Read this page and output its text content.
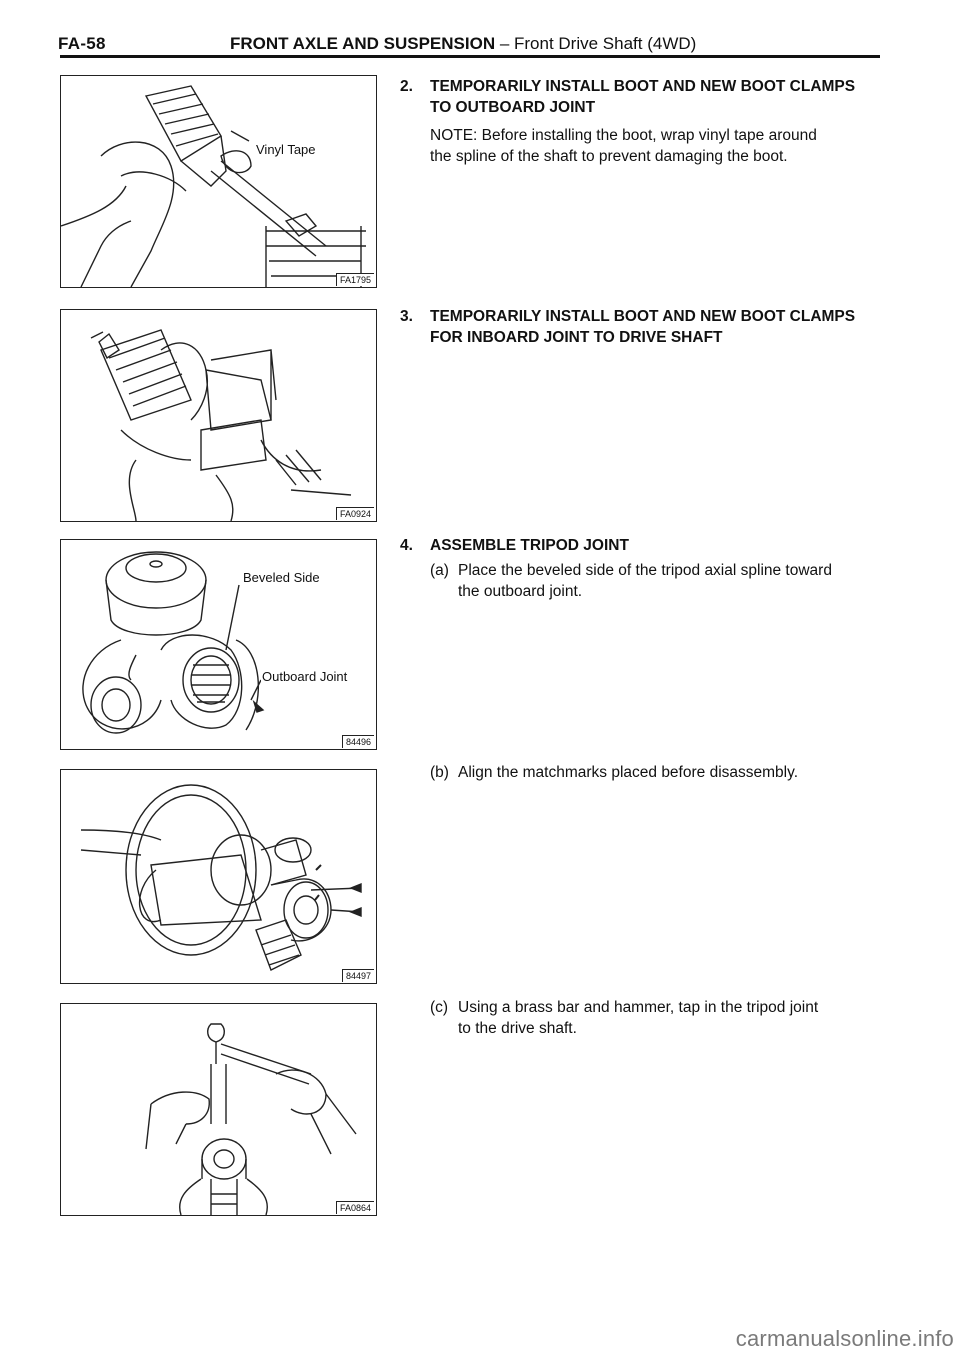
FA-58	FRONT AXLE AND SUSPENSION – Front Drive Shaft (4WD)
Vinyl Tape
FA1795
FA0924
Beveled Side
Outboard Joint
84496
84497
FA0864
2.	TEMPORARILY INSTALL BOOT AND NEW BOOT CLAMPS
TO OUTBOARD JOINT
NOTE: Before installing the boot, wrap vinyl tape around
the spline of the shaft to prevent damaging the boot.
3.	TEMPORARILY INSTALL BOOT AND NEW BOOT CLAMPS
FOR INBOARD JOINT TO DRIVE SHAFT
4.	ASSEMBLE TRIPOD JOINT
(a) Place the beveled side of the tripod axial spline toward
the outboard joint.
(b) Align the matchmarks placed before disassembly.
(c) Using a brass bar and hammer, tap in the tripod joint
to the drive shaft.
carmanualsonline.info
